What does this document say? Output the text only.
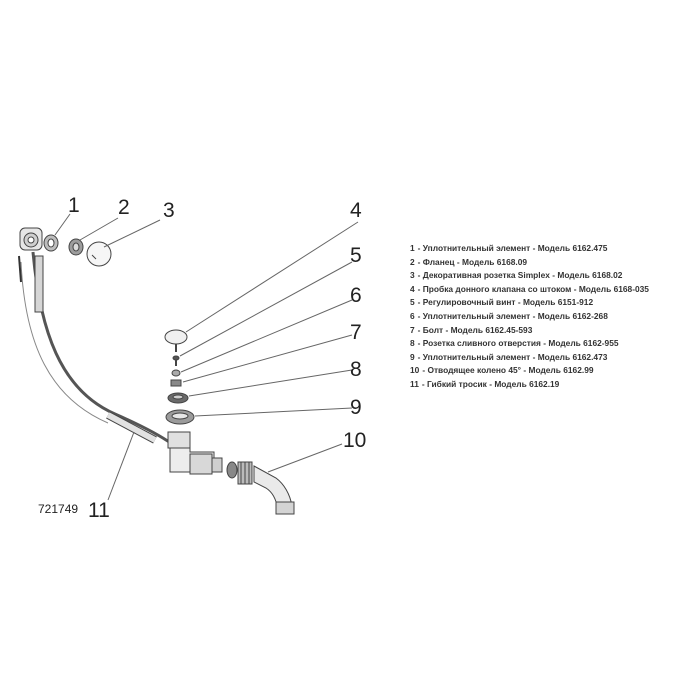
1 2 3	4
5
6
7
8
9
10
11
721749
1 - Уплотнительный элемент - Модель 6162.475
2 - Фланец - Модель 6168.09
3 - Декоративная розетка Simplex - Модель 6168.02
4 - Пробка донного клапана со штоком - Модель 6168-035
5 - Регулировочный винт - Модель 6151-912
6 - Уплотнительный элемент - Модель 6162-268
7 - Болт - Модель 6162.45-593
8 - Розетка сливного отверстия - Модель 6162-955
9 - Уплотнительный элемент - Модель 6162.473
10 - Отводящее колено 45° - Модель 6162.99
11 - Гибкий тросик - Модель 6162.19
